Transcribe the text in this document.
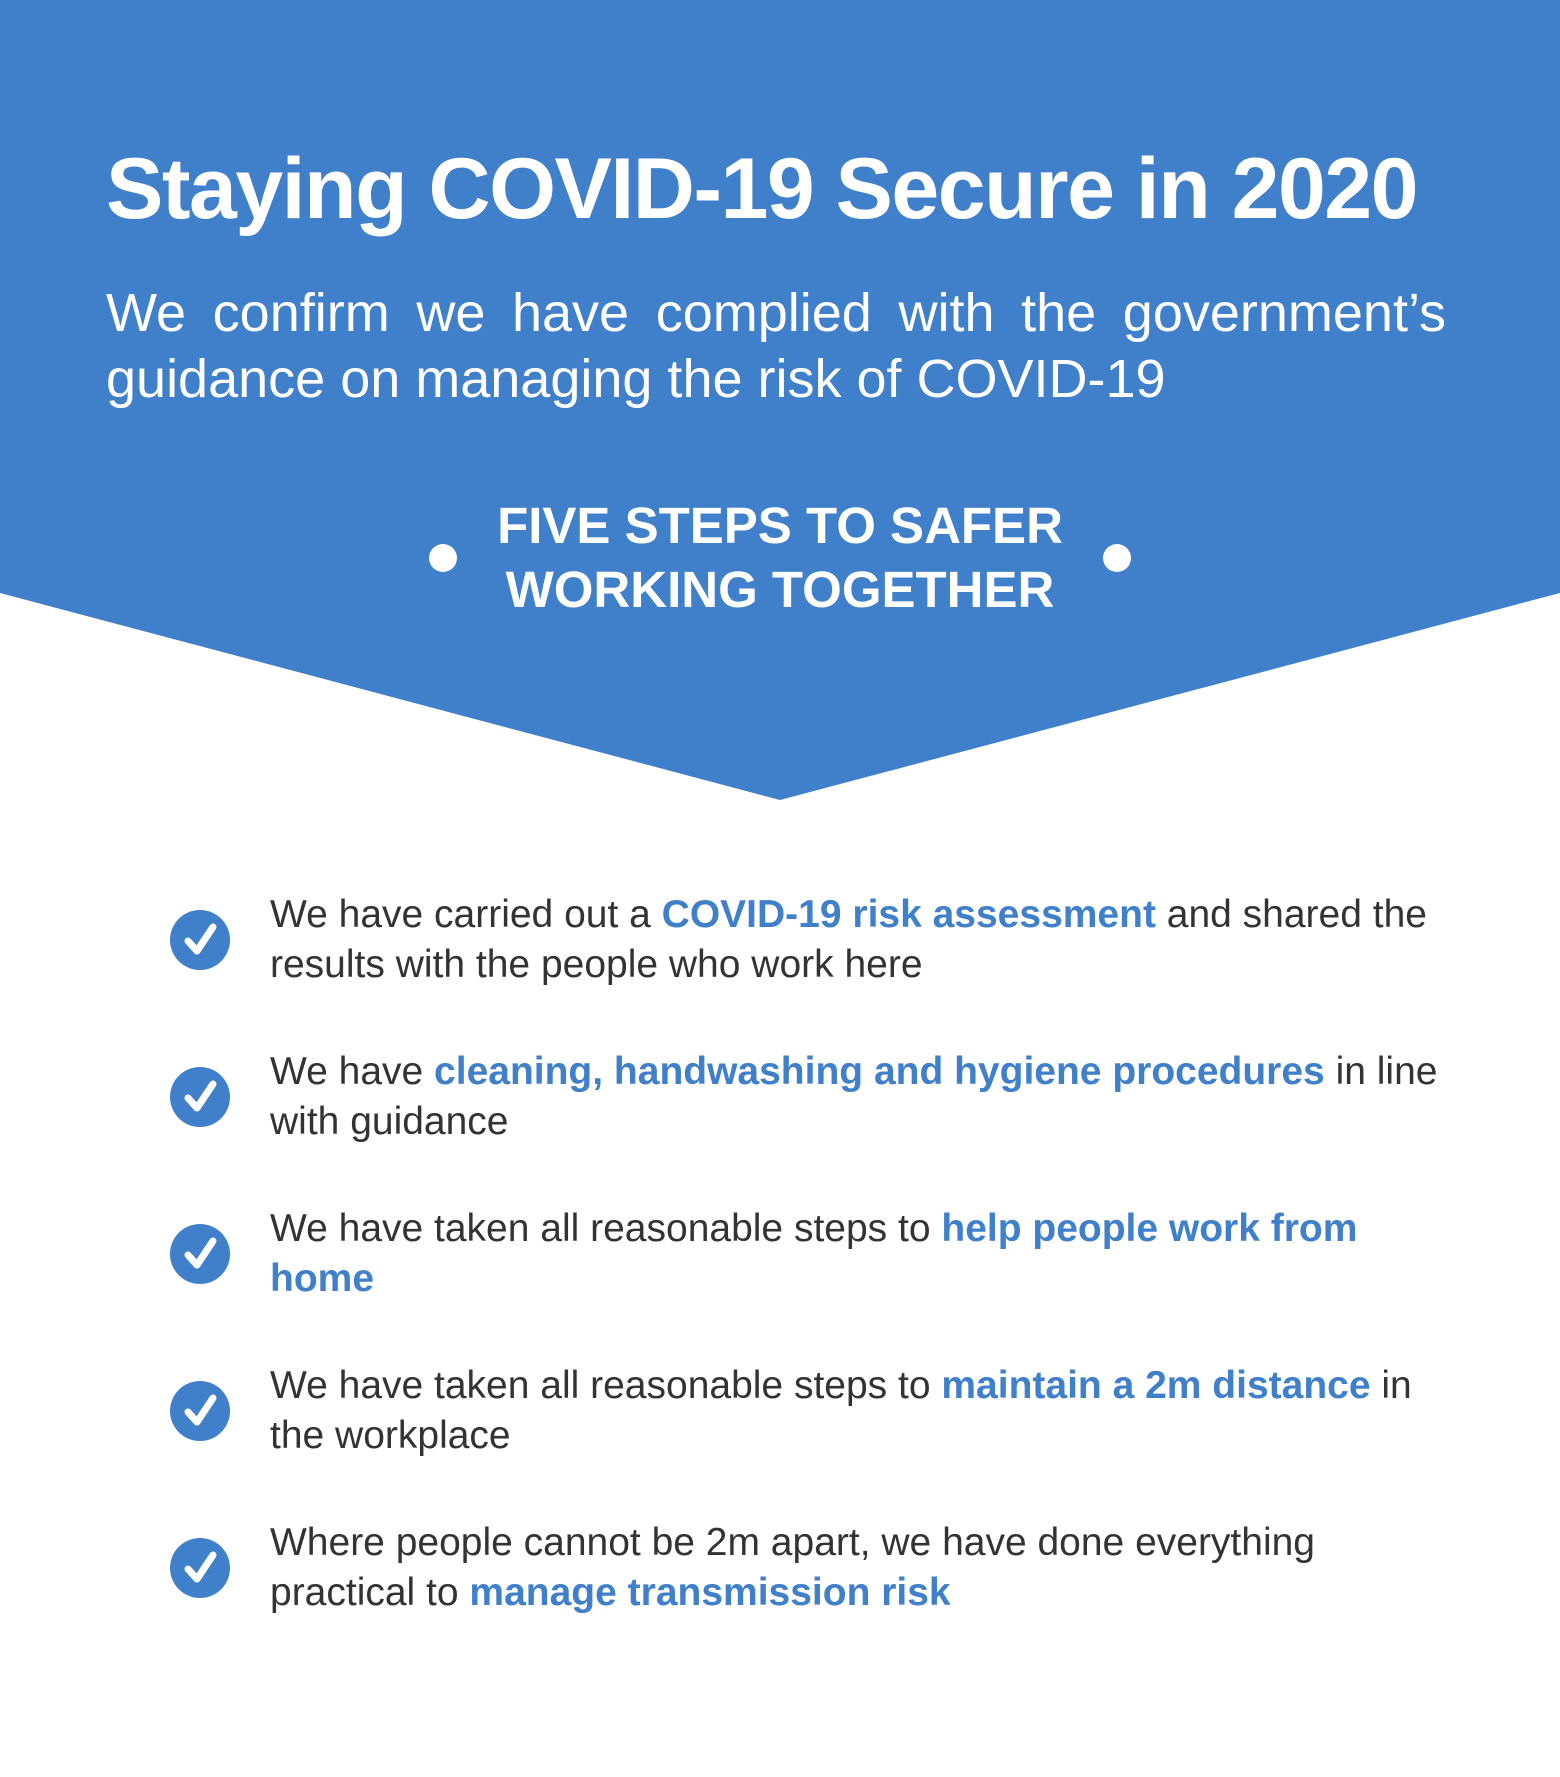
Staying COVID-19 Secure in 2020

We confirm we have complied with the government’s guidance on managing the risk of COVID-19

FIVE STEPS TO SAFER
WORKING TOGETHER
We have carried out a COVID-19 risk assessment and shared the results with the people who work here
We have cleaning, handwashing and hygiene procedures in line with guidance
We have taken all reasonable steps to help people work from home
We have taken all reasonable steps to maintain a 2m distance in the workplace
Where people cannot be 2m apart, we have done everything practical to manage transmission risk
